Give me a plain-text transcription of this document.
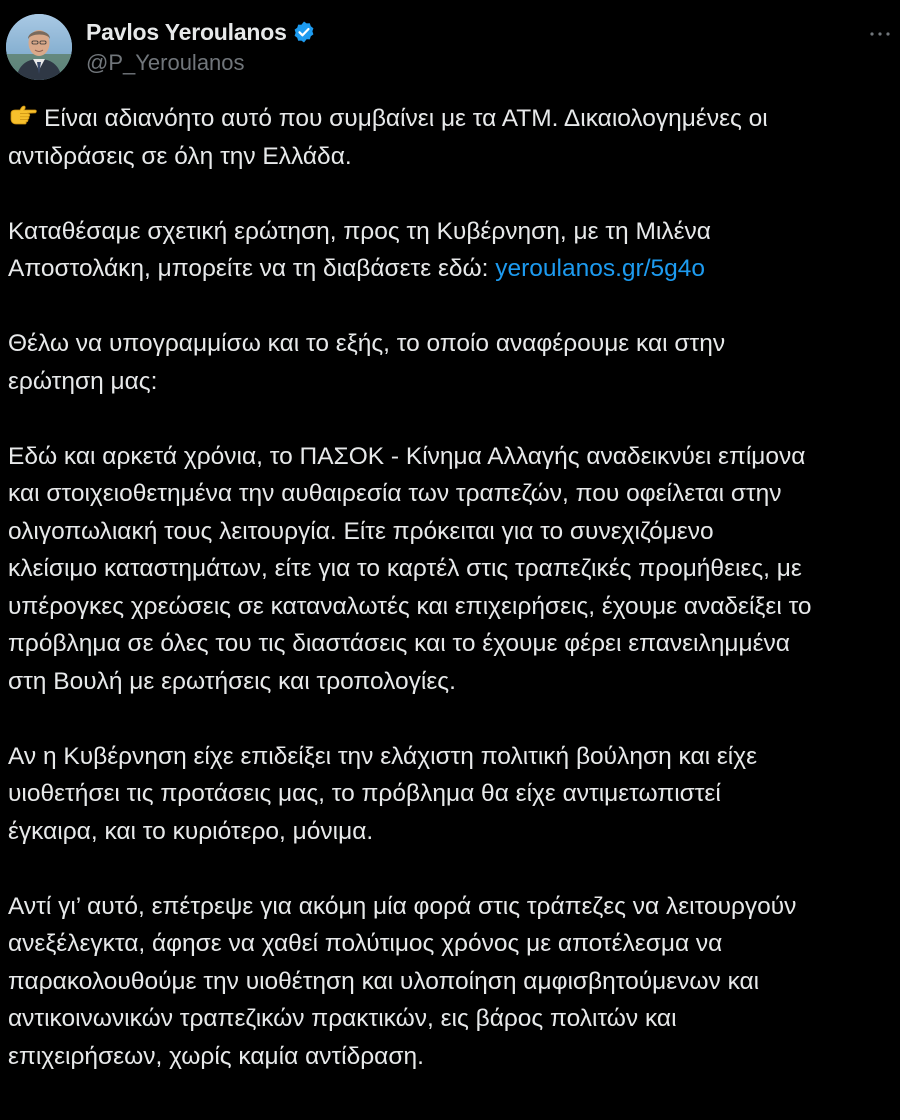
Pavlos Yeroulanos
@P_Yeroulanos
Είναι αδιανόητο αυτό που συμβαίνει με τα ΑΤΜ. Δικαιολογημένες οι
αντιδράσεις σε όλη την Ελλάδα.
Καταθέσαμε σχετική ερώτηση, προς τη Κυβέρνηση, με τη Μιλένα
Αποστολάκη, μπορείτε να τη διαβάσετε εδώ: yeroulanos.gr/5g4o
Θέλω να υπογραμμίσω και το εξής, το οποίο αναφέρουμε και στην
ερώτηση μας:
Εδώ και αρκετά χρόνια, το ΠΑΣΟΚ - Κίνημα Αλλαγής αναδεικνύει επίμονα
και στοιχειοθετημένα την αυθαιρεσία των τραπεζών, που οφείλεται στην
ολιγοπωλιακή τους λειτουργία. Είτε πρόκειται για το συνεχιζόμενο
κλείσιμο καταστημάτων, είτε για το καρτέλ στις τραπεζικές προμήθειες, με
υπέρογκες χρεώσεις σε καταναλωτές και επιχειρήσεις, έχουμε αναδείξει το
πρόβλημα σε όλες του τις διαστάσεις και το έχουμε φέρει επανειλημμένα
στη Βουλή με ερωτήσεις και τροπολογίες.
Αν η Κυβέρνηση είχε επιδείξει την ελάχιστη πολιτική βούληση και είχε
υιοθετήσει τις προτάσεις μας, το πρόβλημα θα είχε αντιμετωπιστεί
έγκαιρα, και το κυριότερο, μόνιμα.
Αντί γι’ αυτό, επέτρεψε για ακόμη μία φορά στις τράπεζες να λειτουργούν
ανεξέλεγκτα, άφησε να χαθεί πολύτιμος χρόνος με αποτέλεσμα να
παρακολουθούμε την υιοθέτηση και υλοποίηση αμφισβητούμενων και
αντικοινωνικών τραπεζικών πρακτικών, εις βάρος πολιτών και
επιχειρήσεων, χωρίς καμία αντίδραση.
